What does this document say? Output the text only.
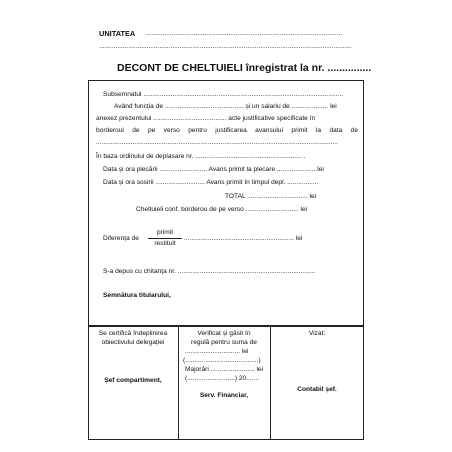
UNITATEA ...........................................................................................................
..........................................................................................................................................
DECONT DE CHELTUIELI înregistrat la nr. ...............
Subsemnatul .............................................................................................................
Având funcția de ........................................... și un salariu de .................... lei
anexez prezentului ........................................ acte justificative specificate în
borderoul de pe verso pentru justificarea avansului primit la data de
....................................................................................................................................
În baza ordinului de deplasare nr. .......................................................... .
Data și ora plecării .......................... Avans primit la plecare ......................lei
Data și ora sosirii ........................... Avans primit în timpul depl. .................
TOTAL ................................. lei
Cheltuieli conf. borderou de pe verso ............................. lei
Diferența de
primit
restituit
............................................................ lei
S-a depus cu chitanța nr. ...........................................................................
Semnătura titularului,
Se certifică îndeplinirea
obiectivului delegației
Șef compartiment,
Verificat și găsit în
regulă pentru suma de
.............................. lei
(........................................)
Majorări ........................ lei
(..........................) 20.......
Serv. Financiar,
Vizat:
Contabil șef.
